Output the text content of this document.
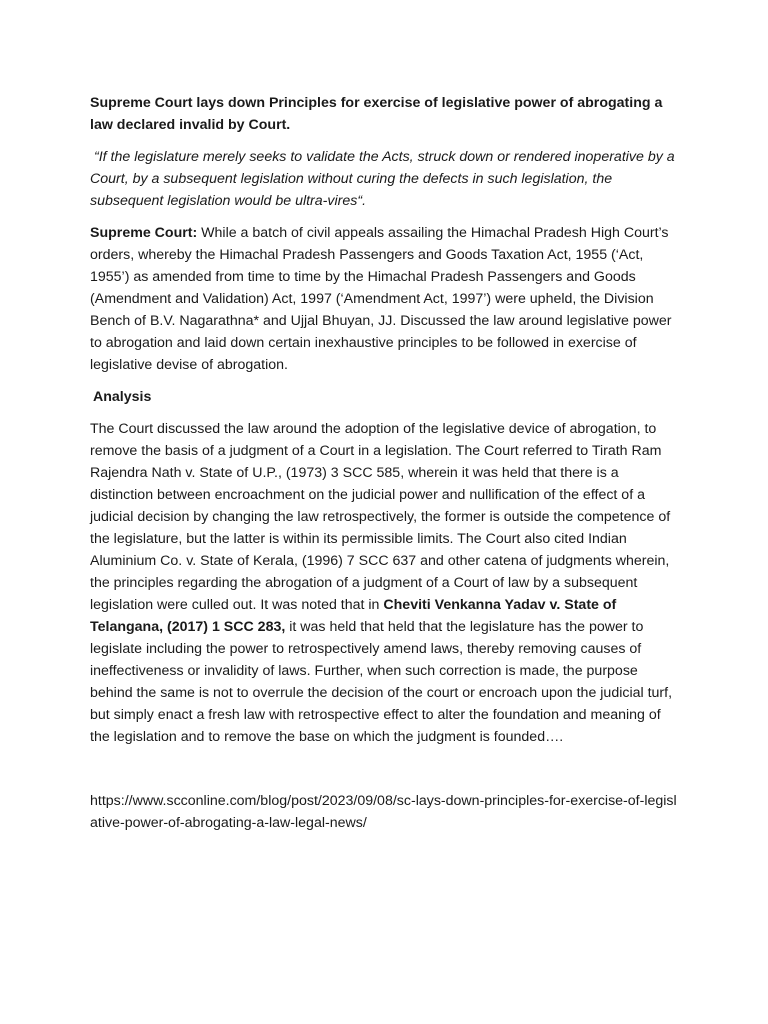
Supreme Court lays down Principles for exercise of legislative power of abrogating a law declared invalid by Court.

“If the legislature merely seeks to validate the Acts, struck down or rendered inoperative by a Court, by a subsequent legislation without curing the defects in such legislation, the subsequent legislation would be ultra-vires“.

Supreme Court: While a batch of civil appeals assailing the Himachal Pradesh High Court’s orders, whereby the Himachal Pradesh Passengers and Goods Taxation Act, 1955 (‘Act, 1955’) as amended from time to time by the Himachal Pradesh Passengers and Goods (Amendment and Validation) Act, 1997 (‘Amendment Act, 1997’) were upheld, the Division Bench of B.V. Nagarathna* and Ujjal Bhuyan, JJ. Discussed the law around legislative power to abrogation and laid down certain inexhaustive principles to be followed in exercise of legislative devise of abrogation.

Analysis

The Court discussed the law around the adoption of the legislative device of abrogation, to remove the basis of a judgment of a Court in a legislation. The Court referred to Tirath Ram Rajendra Nath v. State of U.P., (1973) 3 SCC 585, wherein it was held that there is a distinction between encroachment on the judicial power and nullification of the effect of a judicial decision by changing the law retrospectively, the former is outside the competence of the legislature, but the latter is within its permissible limits. The Court also cited Indian Aluminium Co. v. State of Kerala, (1996) 7 SCC 637 and other catena of judgments wherein, the principles regarding the abrogation of a judgment of a Court of law by a subsequent legislation were culled out. It was noted that in Cheviti Venkanna Yadav v. State of Telangana, (2017) 1 SCC 283, it was held that held that the legislature has the power to legislate including the power to retrospectively amend laws, thereby removing causes of ineffectiveness or invalidity of laws. Further, when such correction is made, the purpose behind the same is not to overrule the decision of the court or encroach upon the judicial turf, but simply enact a fresh law with retrospective effect to alter the foundation and meaning of the legislation and to remove the base on which the judgment is founded….

https://www.scconline.com/blog/post/2023/09/08/sc-lays-down-principles-for-exercise-of-legislative-power-of-abrogating-a-law-legal-news/
